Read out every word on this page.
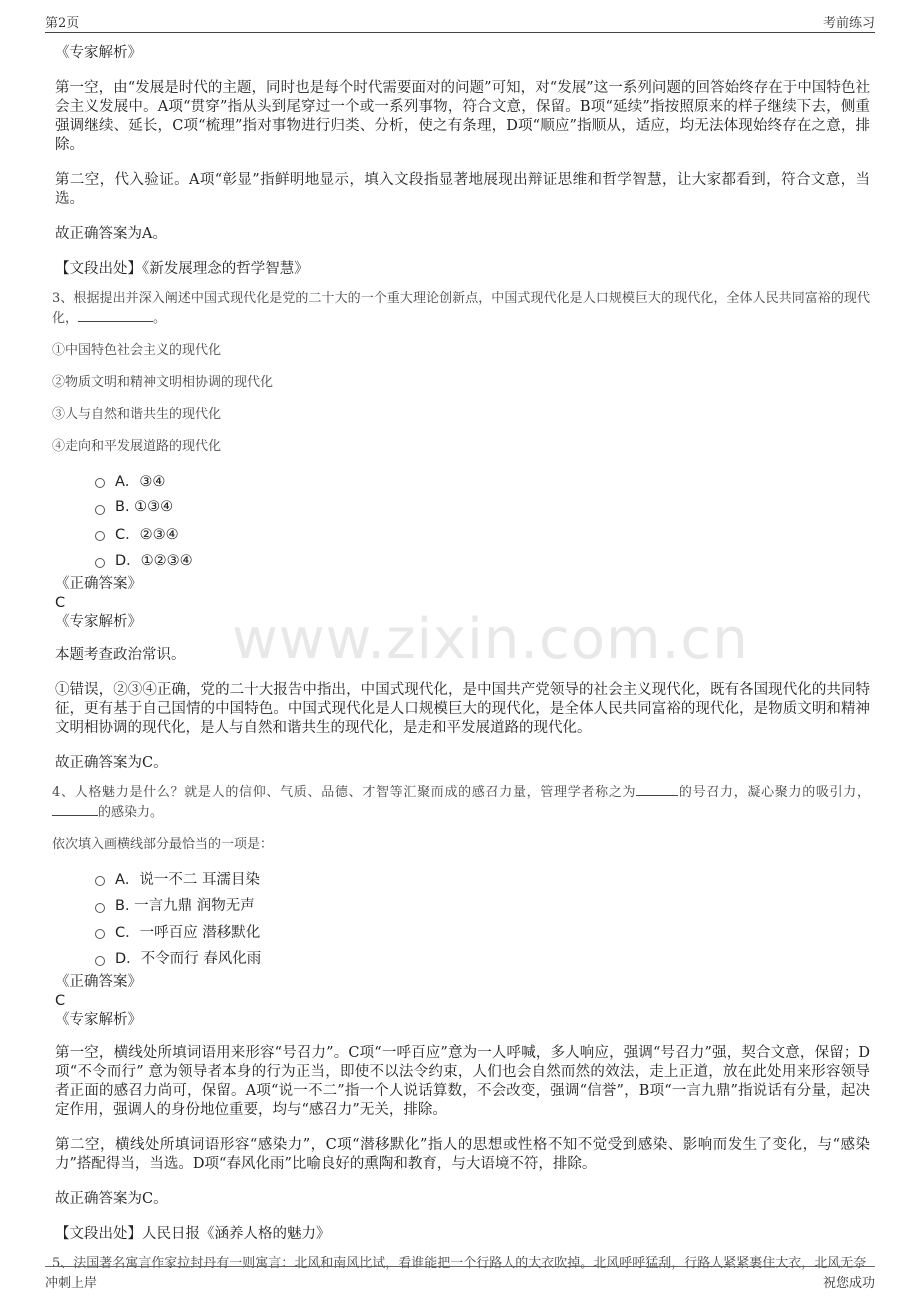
第2页	考前练习
www.zixin.com.cn

《专家解析》

第一空，由“发展是时代的主题，同时也是每个时代需要面对的问题”可知，对“发展”这一系列问题的回答始终存在于中国特色社会主义发展中。A项“贯穿”指从头到尾穿过一个或一系列事物，符合文意，保留。B项“延续”指按照原来的样子继续下去，侧重强调继续、延长，C项“梳理”指对事物进行归类、分析，使之有条理，D项“顺应”指顺从，适应，均无法体现始终存在之意，排除。

第二空，代入验证。A项“彰显”指鲜明地显示，填入文段指显著地展现出辩证思维和哲学智慧，让大家都看到，符合文意，当选。

故正确答案为A。

【文段出处】《新发展理念的哲学智慧》

3、根据提出并深入阐述中国式现代化是党的二十大的一个重大理论创新点，中国式现代化是人口规模巨大的现代化，全体人民共同富裕的现代化，	。
①中国特色社会主义的现代化
②物质文明和精神文明相协调的现代化
③人与自然和谐共生的现代化
④走向和平发展道路的现代化
A．③④
B. ①③④
C．②③④
D．①②③④

《正确答案》

C

《专家解析》

本题考查政治常识。

①错误，②③④正确，党的二十大报告中指出，中国式现代化，是中国共产党领导的社会主义现代化，既有各国现代化的共同特征，更有基于自己国情的中国特色。中国式现代化是人口规模巨大的现代化，是全体人民共同富裕的现代化，是物质文明和精神文明相协调的现代化，是人与自然和谐共生的现代化，是走和平发展道路的现代化。

故正确答案为C。

4、人格魅力是什么？就是人的信仰、气质、品德、才智等汇聚而成的感召力量，管理学者称之为	的号召力，凝心聚力的吸引力，的感染力。
依次填入画横线部分最恰当的一项是：
A．说一不二 耳濡目染
B. 一言九鼎 润物无声
C．一呼百应 潜移默化
D．不令而行 春风化雨

《正确答案》

C

《专家解析》

第一空，横线处所填词语用来形容“号召力”。C项“一呼百应”意为一人呼喊，多人响应，强调“号召力”强，契合文意，保留；D项“不令而行” 意为领导者本身的行为正当，即使不以法令约束，人们也会自然而然的效法，走上正道，放在此处用来形容领导者正面的感召力尚可，保留。A项“说一不二”指一个人说话算数，不会改变，强调“信誉”，B项“一言九鼎”指说话有分量，起决定作用，强调人的身份地位重要，均与“感召力”无关，排除。

第二空，横线处所填词语形容“感染力”，C项“潜移默化”指人的思想或性格不知不觉受到感染、影响而发生了变化，与“感染力”搭配得当，当选。D项“春风化雨”比喻良好的熏陶和教育，与大语境不符，排除。

故正确答案为C。

【文段出处】人民日报《涵养人格的魅力》

5、法国著名寓言作家拉封丹有一则寓言：北风和南风比试，看谁能把一个行路人的大衣吹掉。北风呼呼猛刮，行路人紧紧裹住大衣，北风无奈
冲刺上岸	祝您成功
